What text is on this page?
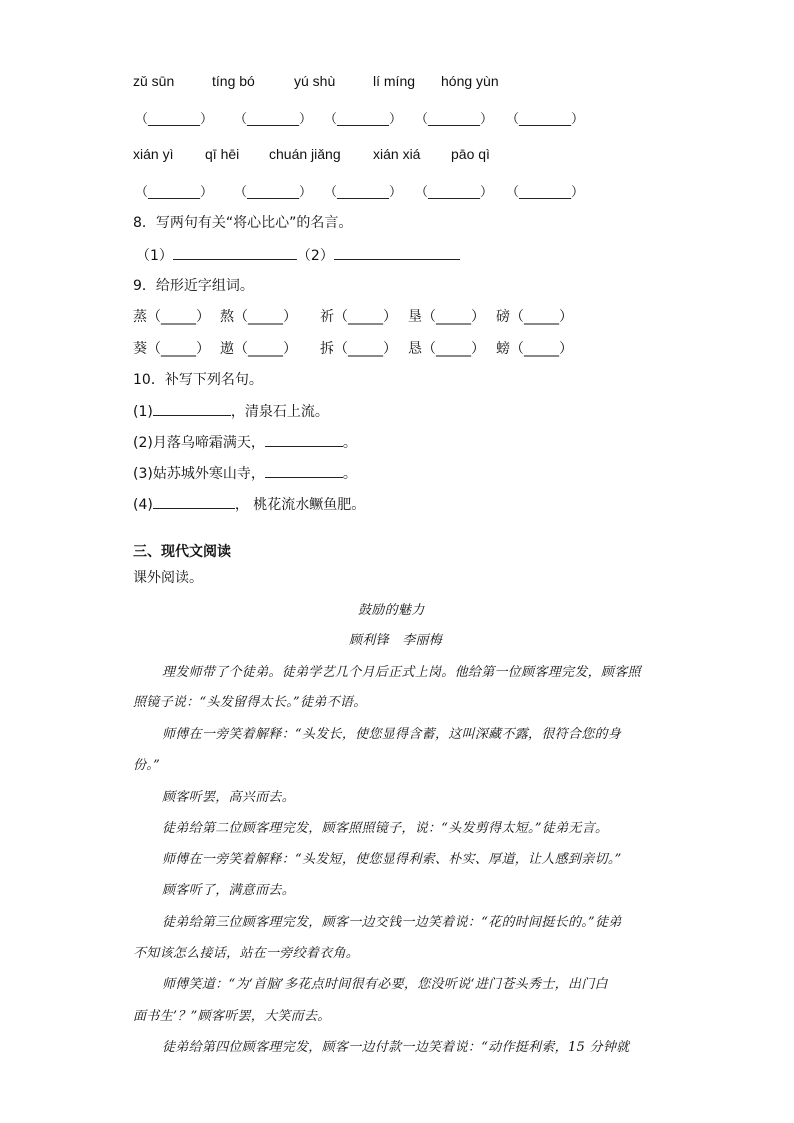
zǔ sūn	tíng bó	yú shù	lí míng hóng yùn
（________） （________） （________） （________） （________）
xián yì qī hēi chuán jiǎng xián xiá pāo qì
（________） （________） （________） （________） （________）
8．写两句有关“将心比心”的名言。
（1）	（2）
9．给形近字组词。
蒸（_____） 熬（_____） 祈（_____） 垦（_____） 磅（_____）
葵（_____） 遨（_____） 拆（_____） 恳（_____） 螃（_____）
10．补写下列名句。
(1)	，清泉石上流。
(2)月落乌啼霜满天，	。
(3)姑苏城外寒山寺，	。
(4)	， 桃花流水鳜鱼肥。
三、现代文阅读
课外阅读。
鼓励的魅力
顾利锋　李丽梅
理发师带了个徒弟。徒弟学艺几个月后正式上岗。他给第一位顾客理完发，顾客照
照镜子说：“头发留得太长。”徒弟不语。
师傅在一旁笑着解释：“头发长，使您显得含蓄，这叫深藏不露，很符合您的身
份。”
顾客听罢，高兴而去。
徒弟给第二位顾客理完发，顾客照照镜子，说：“头发剪得太短。”徒弟无言。
师傅在一旁笑着解释：“头发短，使您显得利索、朴实、厚道，让人感到亲切。”
顾客听了，满意而去。
徒弟给第三位顾客理完发，顾客一边交钱一边笑着说：“花的时间挺长的。”徒弟
不知该怎么接话，站在一旁绞着衣角。
师傅笑道：“为‘首脑’多花点时间很有必要，您没听说‘进门苍头秀士，出门白
面书生’？”顾客听罢，大笑而去。
徒弟给第四位顾客理完发，顾客一边付款一边笑着说：“动作挺利索，15 分钟就
